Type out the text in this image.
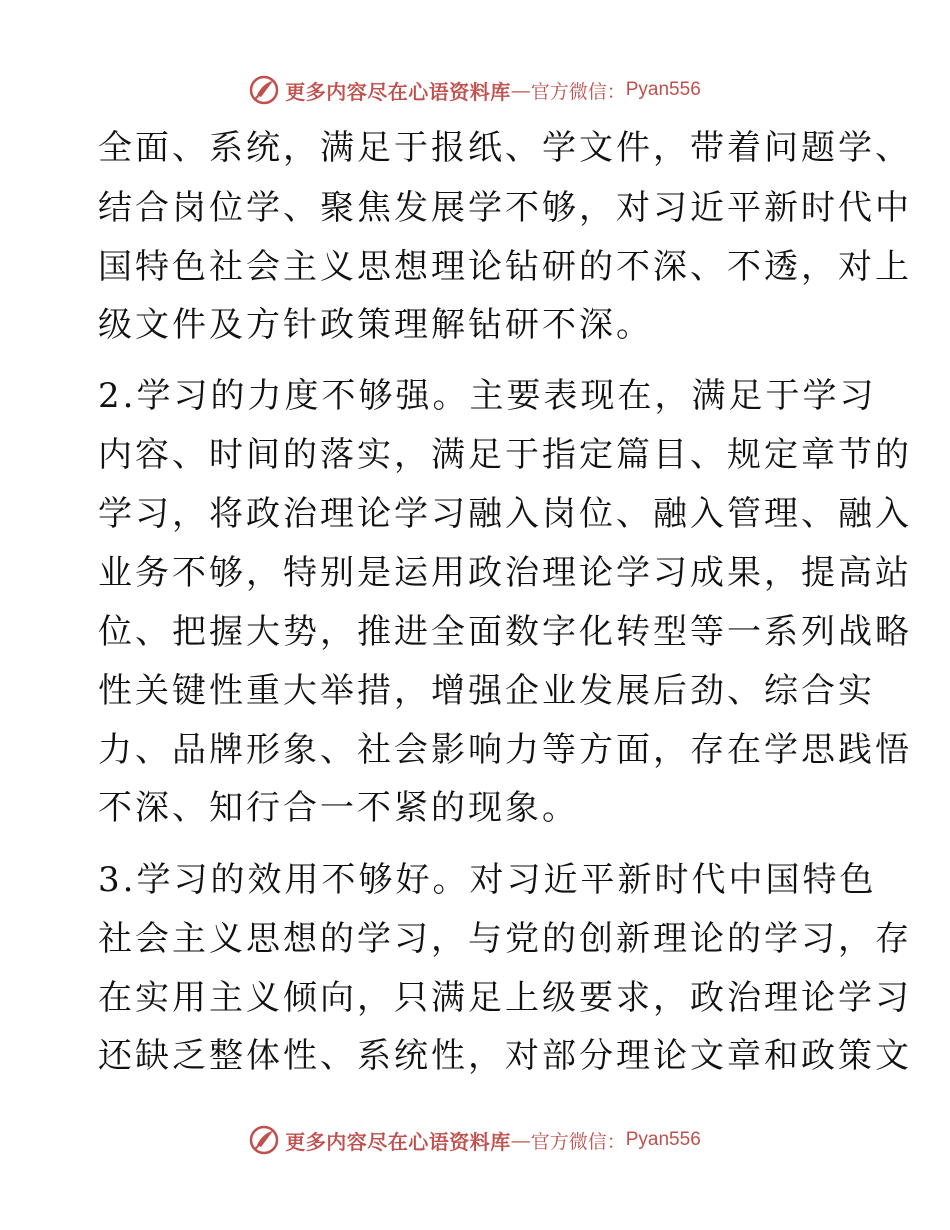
更多内容尽在心语资料库 — 官方微信： Pyan556
全面、系统，满足于报纸、学文件，带着问题学、
结合岗位学、聚焦发展学不够，对习近平新时代中
国特色社会主义思想理论钻研的不深、不透，对上
级文件及方针政策理解钻研不深。
2.学习的力度不够强。主要表现在，满足于学习
内容、时间的落实，满足于指定篇目、规定章节的
学习，将政治理论学习融入岗位、融入管理、融入
业务不够，特别是运用政治理论学习成果，提高站
位、把握大势，推进全面数字化转型等一系列战略
性关键性重大举措，增强企业发展后劲、综合实
力、品牌形象、社会影响力等方面，存在学思践悟
不深、知行合一不紧的现象。
3.学习的效用不够好。对习近平新时代中国特色
社会主义思想的学习，与党的创新理论的学习，存
在实用主义倾向，只满足上级要求，政治理论学习
还缺乏整体性、系统性，对部分理论文章和政策文
更多内容尽在心语资料库 — 官方微信： Pyan556
